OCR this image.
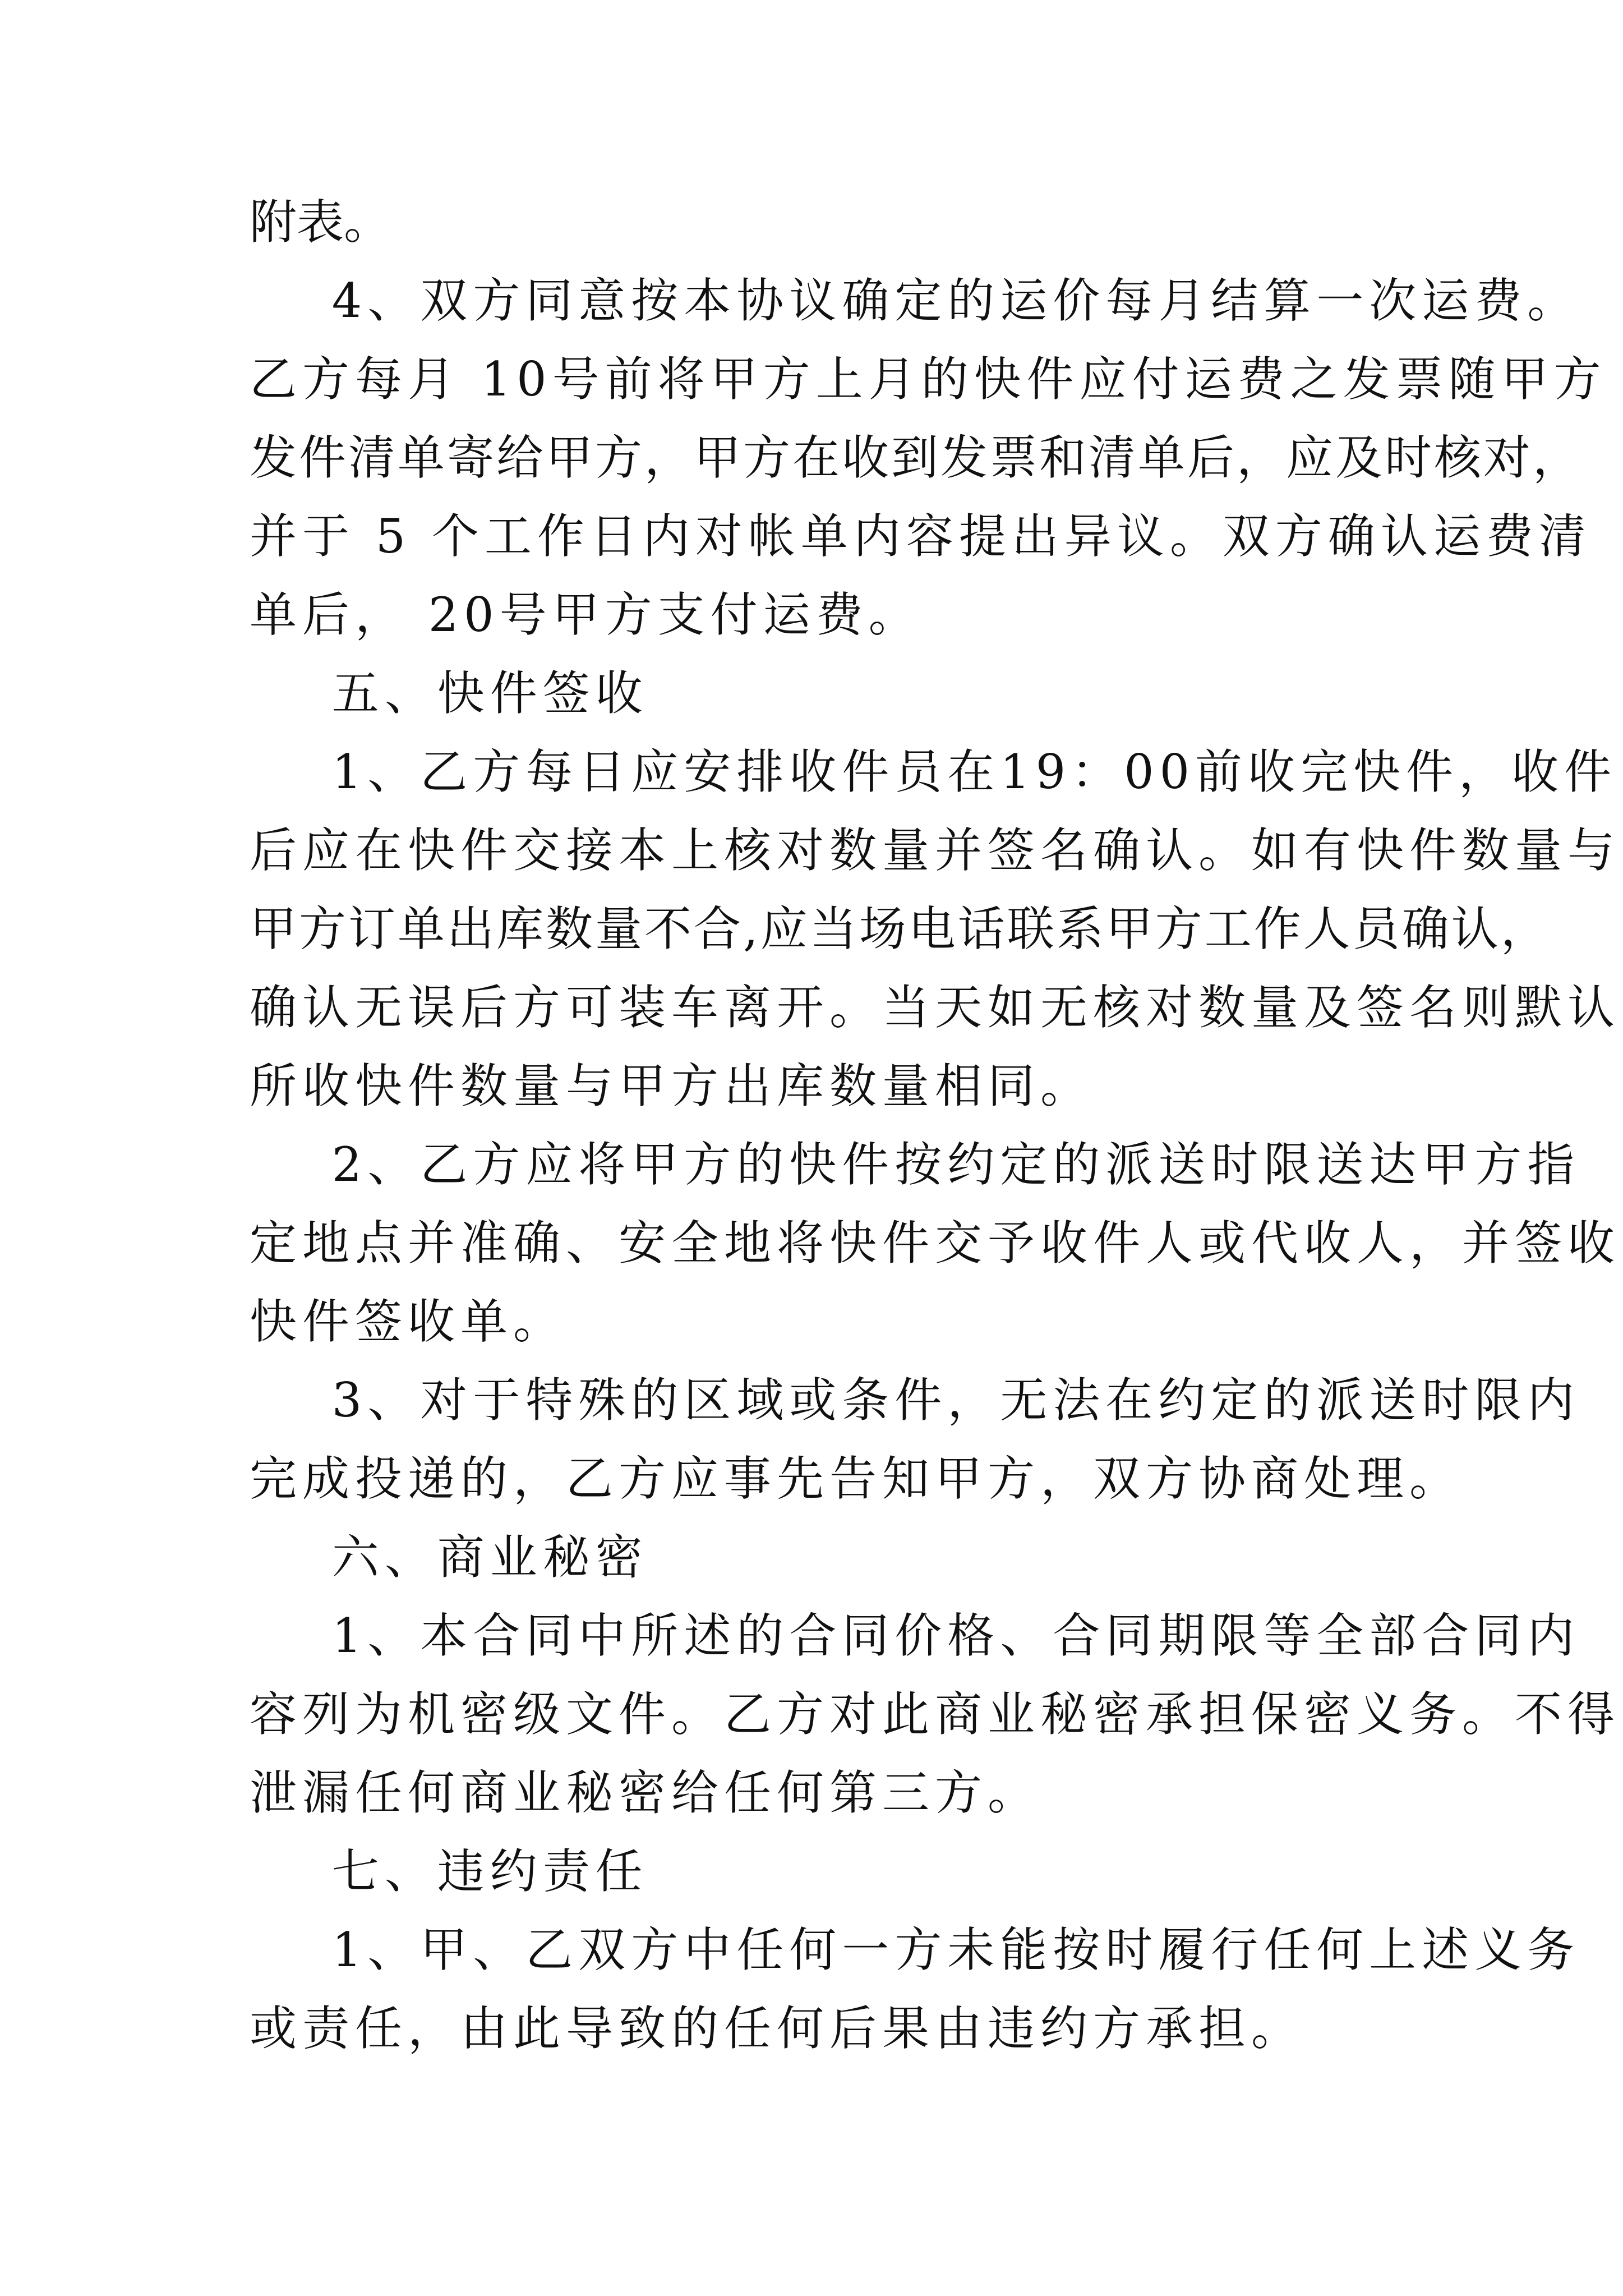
附表。
4、双方同意按本协议确定的运价每月结算一次运费。
乙方每月 10号前将甲方上月的快件应付运费之发票随甲方
发件清单寄给甲方，甲方在收到发票和清单后，应及时核对，
并于 5 个工作日内对帐单内容提出异议。双方确认运费清
单后， 20号甲方支付运费。
五、快件签收
1、乙方每日应安排收件员在19：00前收完快件，收件
后应在快件交接本上核对数量并签名确认。如有快件数量与
甲方订单出库数量不合,应当场电话联系甲方工作人员确认，
确认无误后方可装车离开。当天如无核对数量及签名则默认
所收快件数量与甲方出库数量相同。
2、乙方应将甲方的快件按约定的派送时限送达甲方指
定地点并准确、安全地将快件交予收件人或代收人，并签收
快件签收单。
3、对于特殊的区域或条件，无法在约定的派送时限内
完成投递的，乙方应事先告知甲方，双方协商处理。
六、商业秘密
1、本合同中所述的合同价格、合同期限等全部合同内
容列为机密级文件。乙方对此商业秘密承担保密义务。不得
泄漏任何商业秘密给任何第三方。
七、违约责任
1、甲、乙双方中任何一方未能按时履行任何上述义务
或责任，由此导致的任何后果由违约方承担。
